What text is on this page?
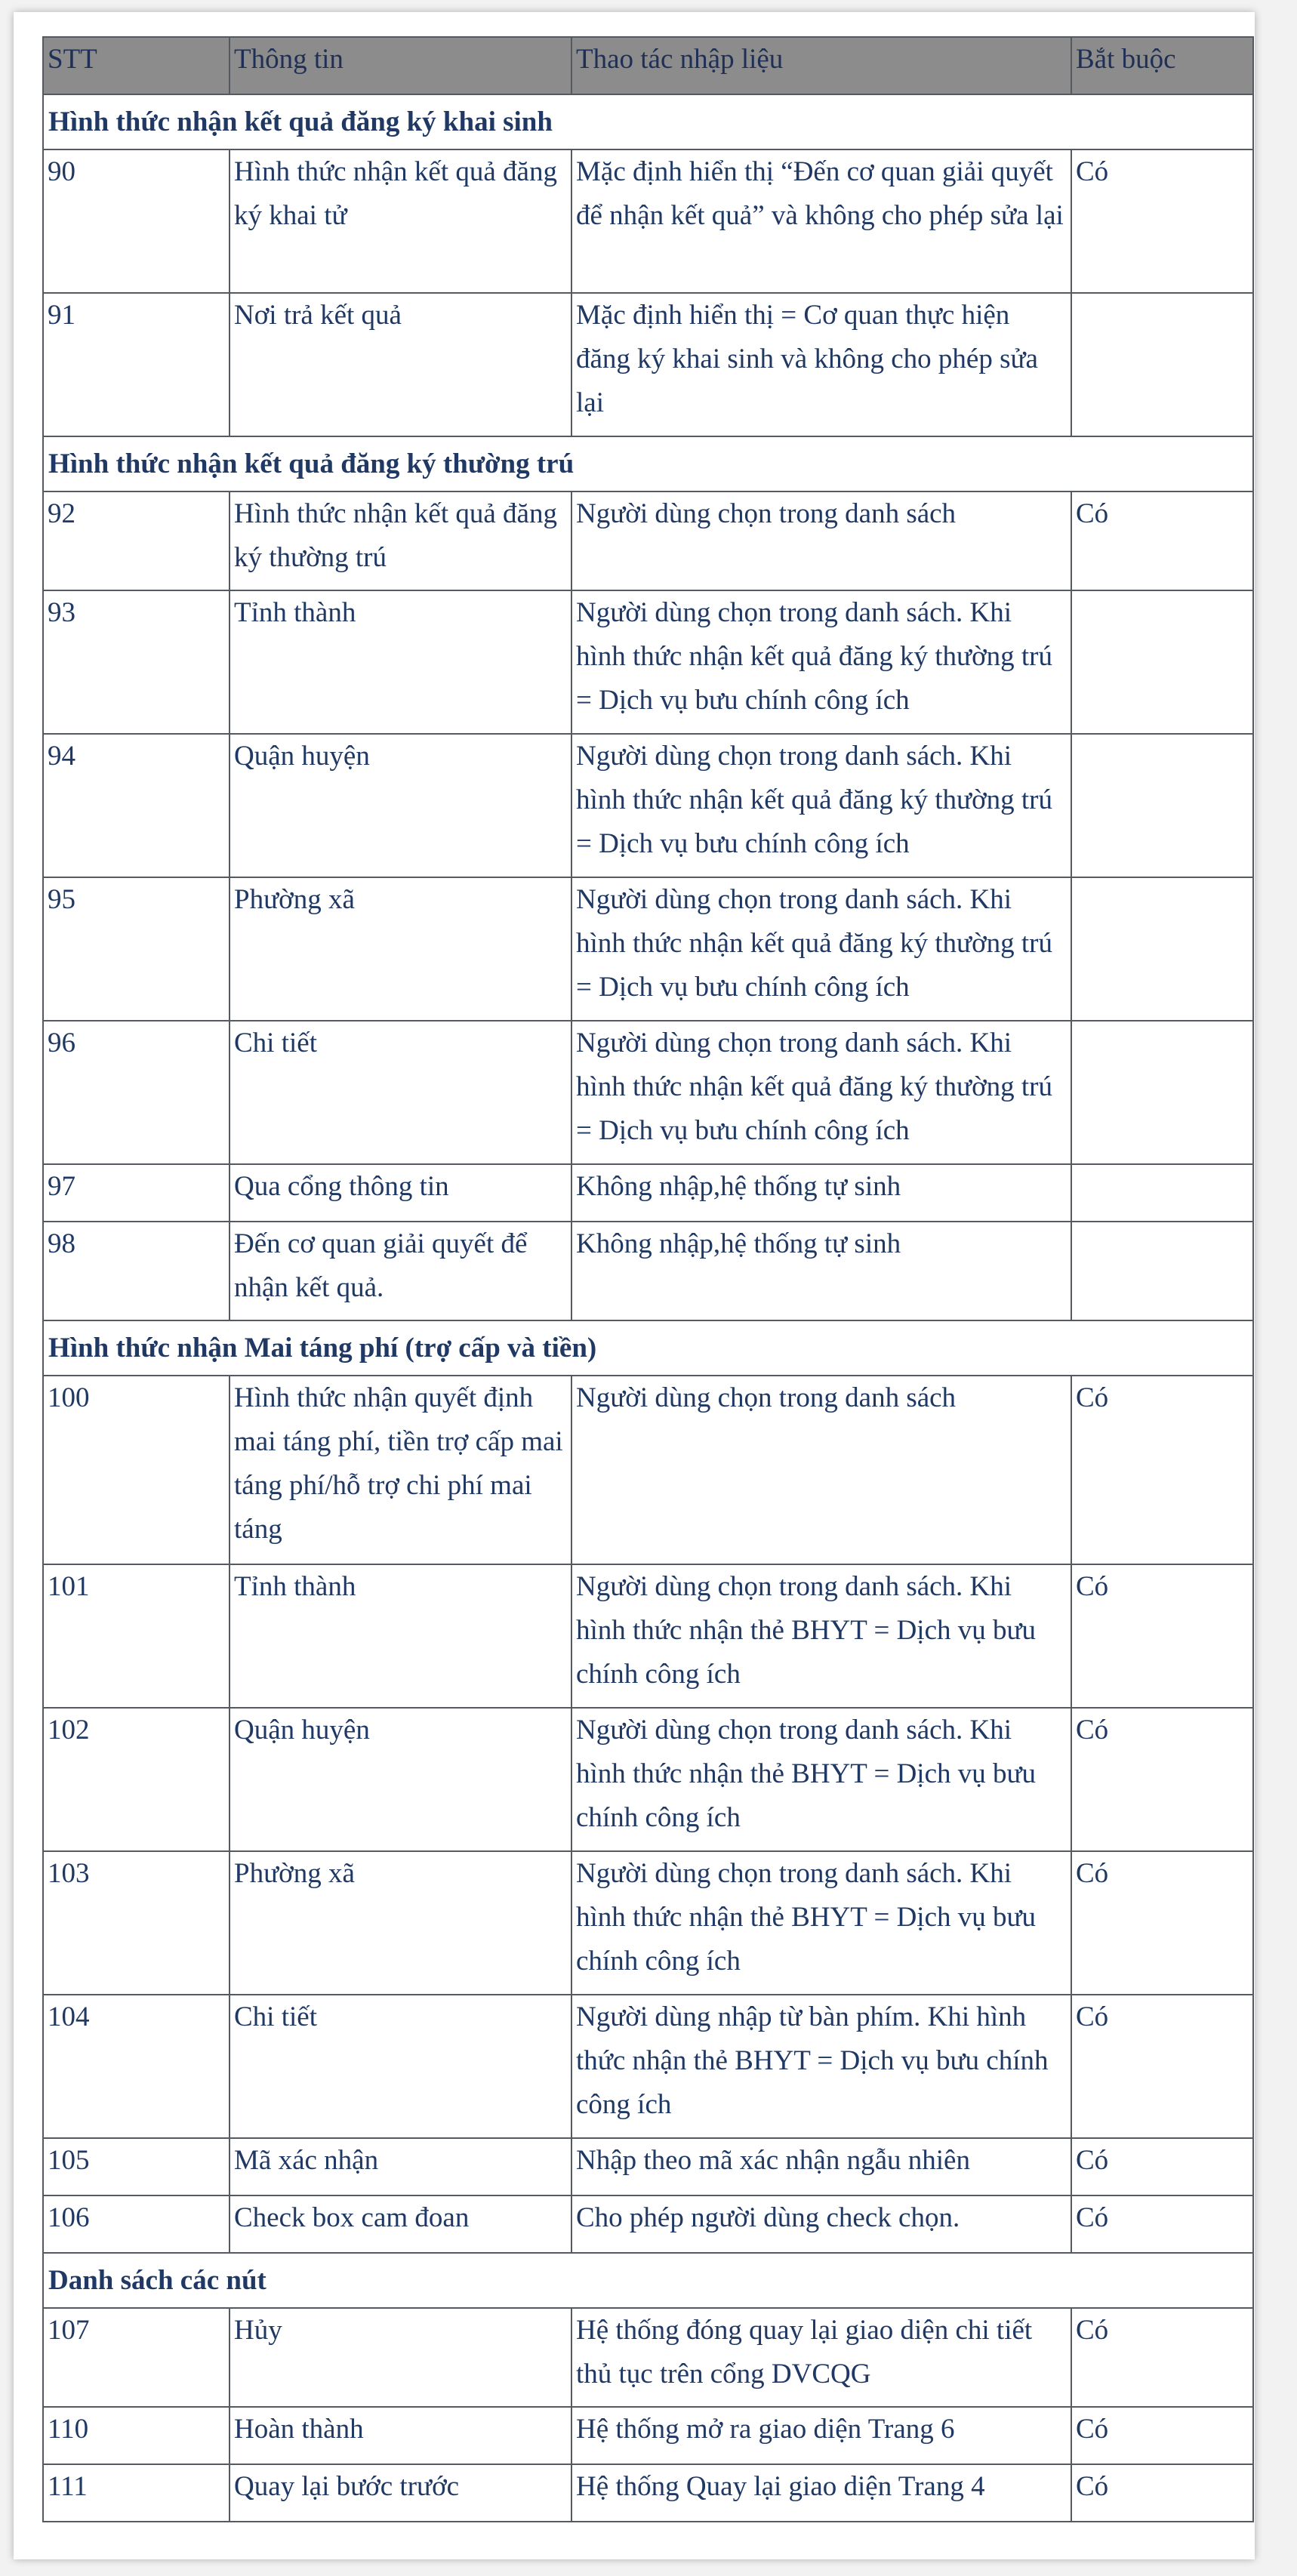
STT	Thông tin	Thao tác nhập liệu	Bắt buộc
Hình thức nhận kết quả đăng ký khai sinh			
90	Hình thức nhận kết quả đăng ký khai tử	Mặc định hiển thị “Đến cơ quan giải quyết để nhận kết quả” và không cho phép sửa lại	Có
91	Nơi trả kết quả	Mặc định hiển thị = Cơ quan thực hiện đăng ký khai sinh và không cho phép sửa lại	
Hình thức nhận kết quả đăng ký thường trú			
92	Hình thức nhận kết quả đăng ký thường trú	Người dùng chọn trong danh sách	Có
93	Tỉnh thành	Người dùng chọn trong danh sách. Khi hình thức nhận kết quả đăng ký thường trú = Dịch vụ bưu chính công ích	
94	Quận huyện	Người dùng chọn trong danh sách. Khi hình thức nhận kết quả đăng ký thường trú = Dịch vụ bưu chính công ích	
95	Phường xã	Người dùng chọn trong danh sách. Khi hình thức nhận kết quả đăng ký thường trú = Dịch vụ bưu chính công ích	
96	Chi tiết	Người dùng chọn trong danh sách. Khi hình thức nhận kết quả đăng ký thường trú = Dịch vụ bưu chính công ích	
97	Qua cổng thông tin	Không nhập,hệ thống tự sinh	
98	Đến cơ quan giải quyết để nhận kết quả.	Không nhập,hệ thống tự sinh	
Hình thức nhận Mai táng phí (trợ cấp và tiền)			
100	Hình thức nhận quyết định mai táng phí, tiền trợ cấp mai táng phí/hỗ trợ chi phí mai táng	Người dùng chọn trong danh sách	Có
101	Tỉnh thành	Người dùng chọn trong danh sách. Khi hình thức nhận thẻ BHYT = Dịch vụ bưu chính công ích	Có
102	Quận huyện	Người dùng chọn trong danh sách. Khi hình thức nhận thẻ BHYT = Dịch vụ bưu chính công ích	Có
103	Phường xã	Người dùng chọn trong danh sách. Khi hình thức nhận thẻ BHYT = Dịch vụ bưu chính công ích	Có
104	Chi tiết	Người dùng nhập từ bàn phím. Khi hình thức nhận thẻ BHYT = Dịch vụ bưu chính công ích	Có
105	Mã xác nhận	Nhập theo mã xác nhận ngẫu nhiên	Có
106	Check box cam đoan	Cho phép người dùng check chọn.	Có
Danh sách các nút			
107	Hủy	Hệ thống đóng quay lại giao diện chi tiết thủ tục trên cổng DVCQG	Có
110	Hoàn thành	Hệ thống mở ra giao diện Trang 6	Có
111	Quay lại bước trước	Hệ thống Quay lại giao diện Trang 4	Có
